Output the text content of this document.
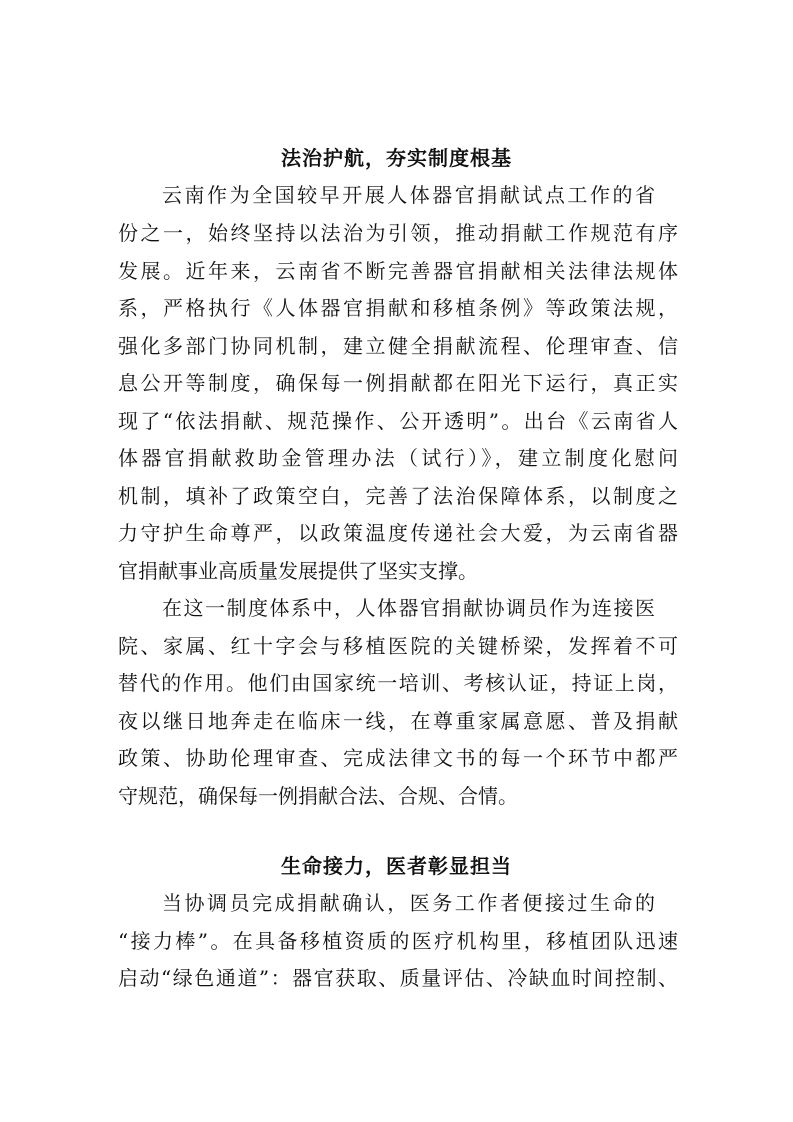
法治护航，夯实制度根基
云南作为全国较早开展人体器官捐献试点工作的省
份之一，始终坚持以法治为引领，推动捐献工作规范有序
发展。近年来，云南省不断完善器官捐献相关法律法规体
系，严格执行《人体器官捐献和移植条例》等政策法规，
强化多部门协同机制，建立健全捐献流程、伦理审查、信
息公开等制度，确保每一例捐献都在阳光下运行，真正实
现了“依法捐献、规范操作、公开透明”。出台《云南省人
体器官捐献救助金管理办法（试行）》，建立制度化慰问
机制，填补了政策空白，完善了法治保障体系，以制度之
力守护生命尊严，以政策温度传递社会大爱，为云南省器
官捐献事业高质量发展提供了坚实支撑。
在这一制度体系中，人体器官捐献协调员作为连接医
院、家属、红十字会与移植医院的关键桥梁，发挥着不可
替代的作用。他们由国家统一培训、考核认证，持证上岗，
夜以继日地奔走在临床一线，在尊重家属意愿、普及捐献
政策、协助伦理审查、完成法律文书的每一个环节中都严
守规范，确保每一例捐献合法、合规、合情。
生命接力，医者彰显担当
当协调员完成捐献确认，医务工作者便接过生命的
“接力棒”。在具备移植资质的医疗机构里，移植团队迅速
启动“绿色通道”：器官获取、质量评估、冷缺血时间控制、
